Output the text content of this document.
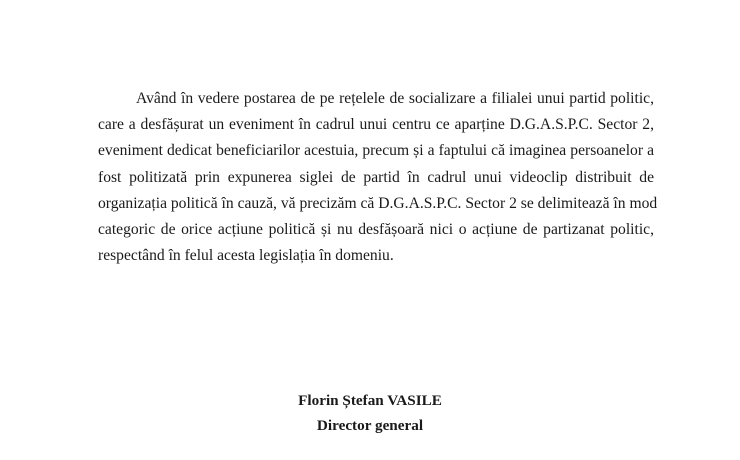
Având în vedere postarea de pe rețelele de socializare a filialei unui partid politic,
care a desfășurat un eveniment în cadrul unui centru ce aparține D.G.A.S.P.C. Sector 2,
eveniment dedicat beneficiarilor acestuia, precum și a faptului că imaginea persoanelor a
fost politizată prin expunerea siglei de partid în cadrul unui videoclip distribuit de
organizația politică în cauză, vă precizăm că D.G.A.S.P.C. Sector 2 se delimitează în mod
categoric de orice acțiune politică și nu desfășoară nici o acțiune de partizanat politic,
respectând în felul acesta legislația în domeniu.
Florin Ștefan VASILE
Director general
